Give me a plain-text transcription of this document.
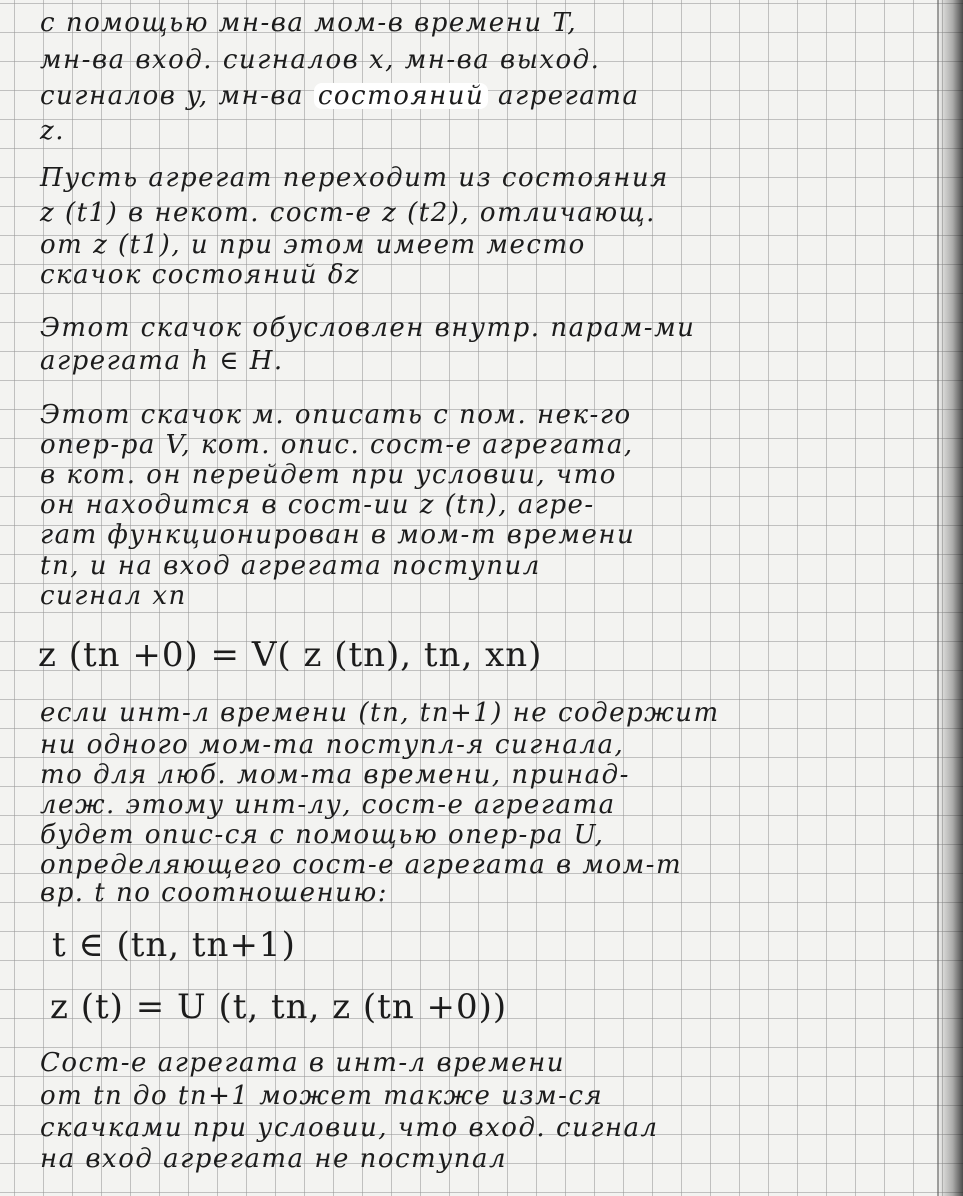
с помощью мн-ва мом-в времени T,
мн-ва вход. сигналов x, мн-ва выход.
сигналов y, мн-ва состояний агрегата
z.
Пусть агрегат переходит из состояния
z (t1) в некот. сост-е z (t2), отличающ.
от z (t1), и при этом имеет место
скачок состояний δz
Этот скачок обусловлен внутр. парам-ми
агрегата h ∈ H.
Этот скачок м. описать с пом. нек-го
опер-ра V, кот. опис. сост-е агрегата,
в кот. он перейдет при условии, что
он находится в сост-ии z (tn), агре-
гат функционирован в мом-т времени
tn, и на вход агрегата поступил
сигнал xn
z (tn +0) = V( z (tn), tn, xn)
если инт-л времени (tn, tn+1) не содержит
ни одного мом-та поступл-я сигнала,
то для люб. мом-та времени, принад-
леж. этому инт-лу, сост-е агрегата
будет опис-ся с помощью опер-ра U,
определяющего сост-е агрегата в мом-т
вр. t по соотношению:
t ∈ (tn, tn+1)
z (t) = U (t, tn, z (tn +0))
Сост-е агрегата в инт-л времени
от tn до tn+1 может также изм-ся
скачками при условии, что вход. сигнал
на вход агрегата не поступал
